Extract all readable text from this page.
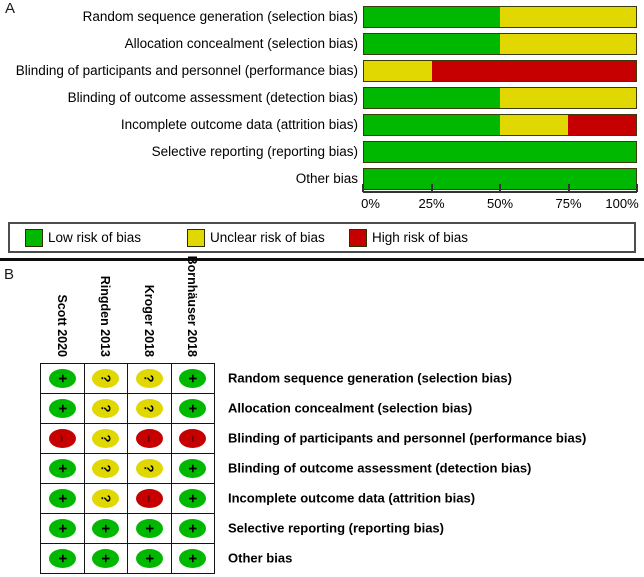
A	Random sequence generation (selection bias)
Allocation concealment (selection bias)
Blinding of participants and personnel (performance bias)
Blinding of outcome assessment (detection bias)
Incomplete outcome data (attrition bias)
Selective reporting (reporting bias)
Other bias
0%	25%	50%	75% 100%
Low risk of bias	Unclear risk of bias	High risk of bias
B
Scott 2020 Ringden 2013 Kroger 2018 Bornhäuser 2018
+ ? ? +
+ ? ? +
− ? − −
+ ? ? +
+ ? − +
+ + + +
+ + + +
Random sequence generation (selection bias)
Allocation concealment (selection bias)
Blinding of participants and personnel (performance bias)
Blinding of outcome assessment (detection bias)
Incomplete outcome data (attrition bias)
Selective reporting (reporting bias)
Other bias
